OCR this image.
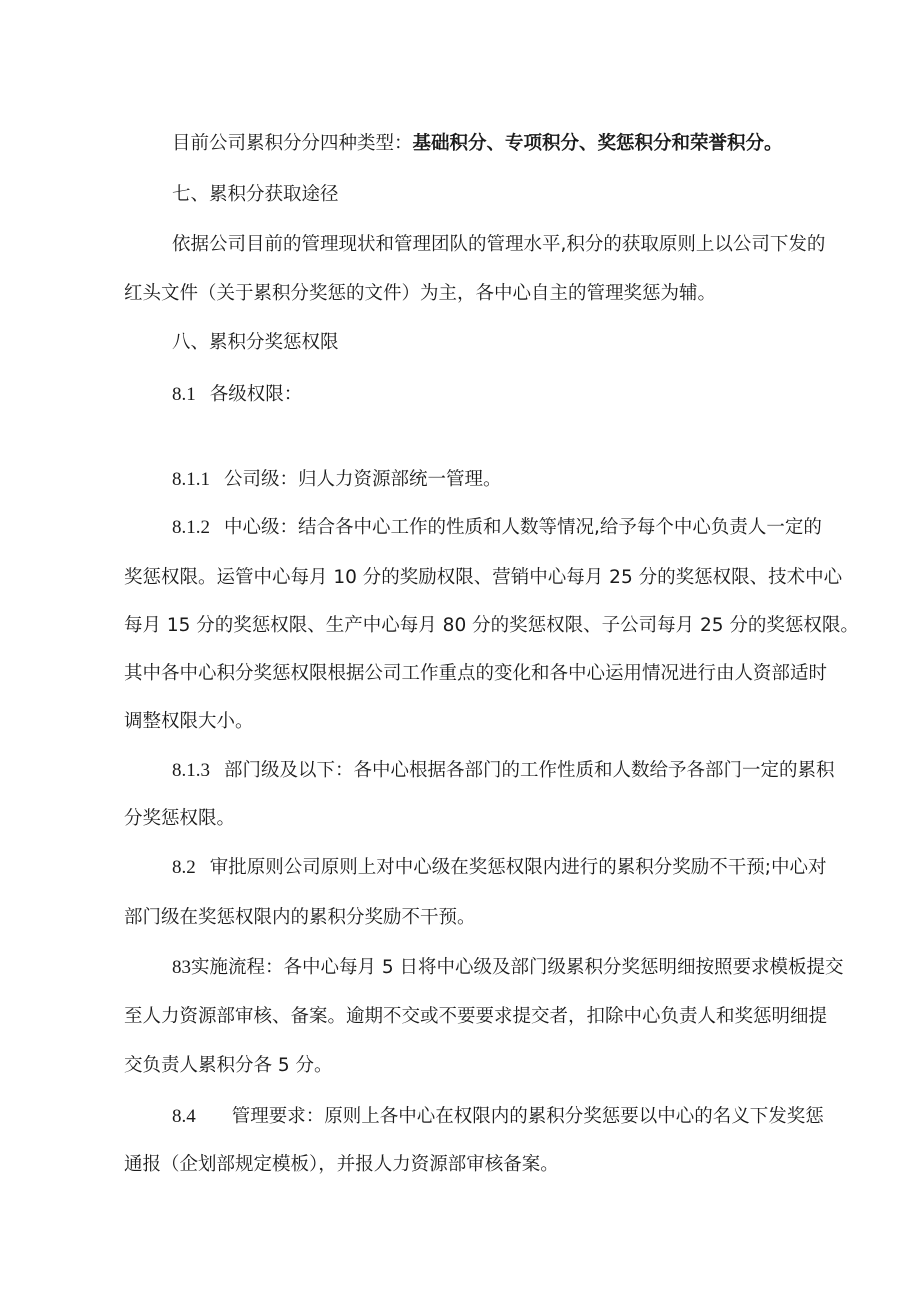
目前公司累积分分四种类型：基础积分、专项积分、奖惩积分和荣誉积分。
七、累积分获取途径
依据公司目前的管理现状和管理团队的管理水平,积分的获取原则上以公司下发的
红头文件（关于累积分奖惩的文件）为主，各中心自主的管理奖惩为辅。
八、累积分奖惩权限
8.1 各级权限：
8.1.1 公司级：归人力资源部统一管理。
8.1.2 中心级：结合各中心工作的性质和人数等情况,给予每个中心负责人一定的
奖惩权限。运管中心每月 10 分的奖励权限、营销中心每月 25 分的奖惩权限、技术中心
每月 15 分的奖惩权限、生产中心每月 80 分的奖惩权限、子公司每月 25 分的奖惩权限。
其中各中心积分奖惩权限根据公司工作重点的变化和各中心运用情况进行由人资部适时
调整权限大小。
8.1.3 部门级及以下：各中心根据各部门的工作性质和人数给予各部门一定的累积
分奖惩权限。
8.2 审批原则公司原则上对中心级在奖惩权限内进行的累积分奖励不干预;中心对
部门级在奖惩权限内的累积分奖励不干预。
83实施流程：各中心每月 5 日将中心级及部门级累积分奖惩明细按照要求模板提交
至人力资源部审核、备案。逾期不交或不要要求提交者，扣除中心负责人和奖惩明细提
交负责人累积分各 5 分。
8.4 管理要求：原则上各中心在权限内的累积分奖惩要以中心的名义下发奖惩
通报（企划部规定模板），并报人力资源部审核备案。
